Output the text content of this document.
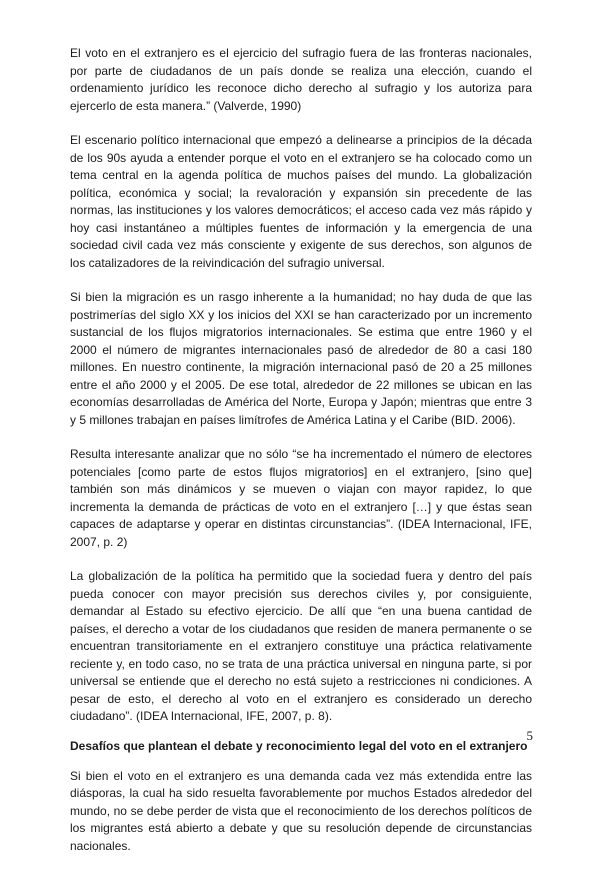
El voto en el extranjero es el ejercicio del sufragio fuera de las fronteras nacionales, por parte de ciudadanos de un país donde se realiza una elección, cuando el ordenamiento jurídico les reconoce dicho derecho al sufragio y los autoriza para ejercerlo de esta manera.” (Valverde, 1990)

El escenario político internacional que empezó a delinearse a principios de la década de los 90s ayuda a entender porque el voto en el extranjero se ha colocado como un tema central en la agenda política de muchos países del mundo. La globalización política, económica y social; la revaloración y expansión sin precedente de las normas, las instituciones y los valores democráticos; el acceso cada vez más rápido y hoy casi instantáneo a múltiples fuentes de información y la emergencia de una sociedad civil cada vez más consciente y exigente de sus derechos, son algunos de los catalizadores de la reivindicación del sufragio universal.

Si bien la migración es un rasgo inherente a la humanidad; no hay duda de que las postrimerías del siglo XX y los inicios del XXI se han caracterizado por un incremento sustancial de los flujos migratorios internacionales. Se estima que entre 1960 y el 2000 el número de migrantes internacionales pasó de alrededor de 80 a casi 180 millones. En nuestro continente, la migración internacional pasó de 20 a 25 millones entre el año 2000 y el 2005. De ese total, alrededor de 22 millones se ubican en las economías desarrolladas de América del Norte, Europa y Japón; mientras que entre 3 y 5 millones trabajan en países limítrofes de América Latina y el Caribe (BID. 2006).

Resulta interesante analizar que no sólo “se ha incrementado el número de electores potenciales [como parte de estos flujos migratorios] en el extranjero, [sino que] también son más dinámicos y se mueven o viajan con mayor rapidez, lo que incrementa la demanda de prácticas de voto en el extranjero […] y que éstas sean capaces de adaptarse y operar en distintas circunstancias”. (IDEA Internacional, IFE, 2007, p. 2)

La globalización de la política ha permitido que la sociedad fuera y dentro del país pueda conocer con mayor precisión sus derechos civiles y, por consiguiente, demandar al Estado su efectivo ejercicio. De allí que “en una buena cantidad de países, el derecho a votar de los ciudadanos que residen de manera permanente o se encuentran transitoriamente en el extranjero constituye una práctica relativamente reciente y, en todo caso, no se trata de una práctica universal en ninguna parte, si por universal se entiende que el derecho no está sujeto a restricciones ni condiciones. A pesar de esto, el derecho al voto en el extranjero es considerado un derecho ciudadano”. (IDEA Internacional, IFE, 2007, p. 8).

Desafíos que plantean el debate y reconocimiento legal del voto en el extranjero

Si bien el voto en el extranjero es una demanda cada vez más extendida entre las diásporas, la cual ha sido resuelta favorablemente por muchos Estados alrededor del mundo, no se debe perder de vista que el reconocimiento de los derechos políticos de los migrantes está abierto a debate y que su resolución depende de circunstancias nacionales.

5
